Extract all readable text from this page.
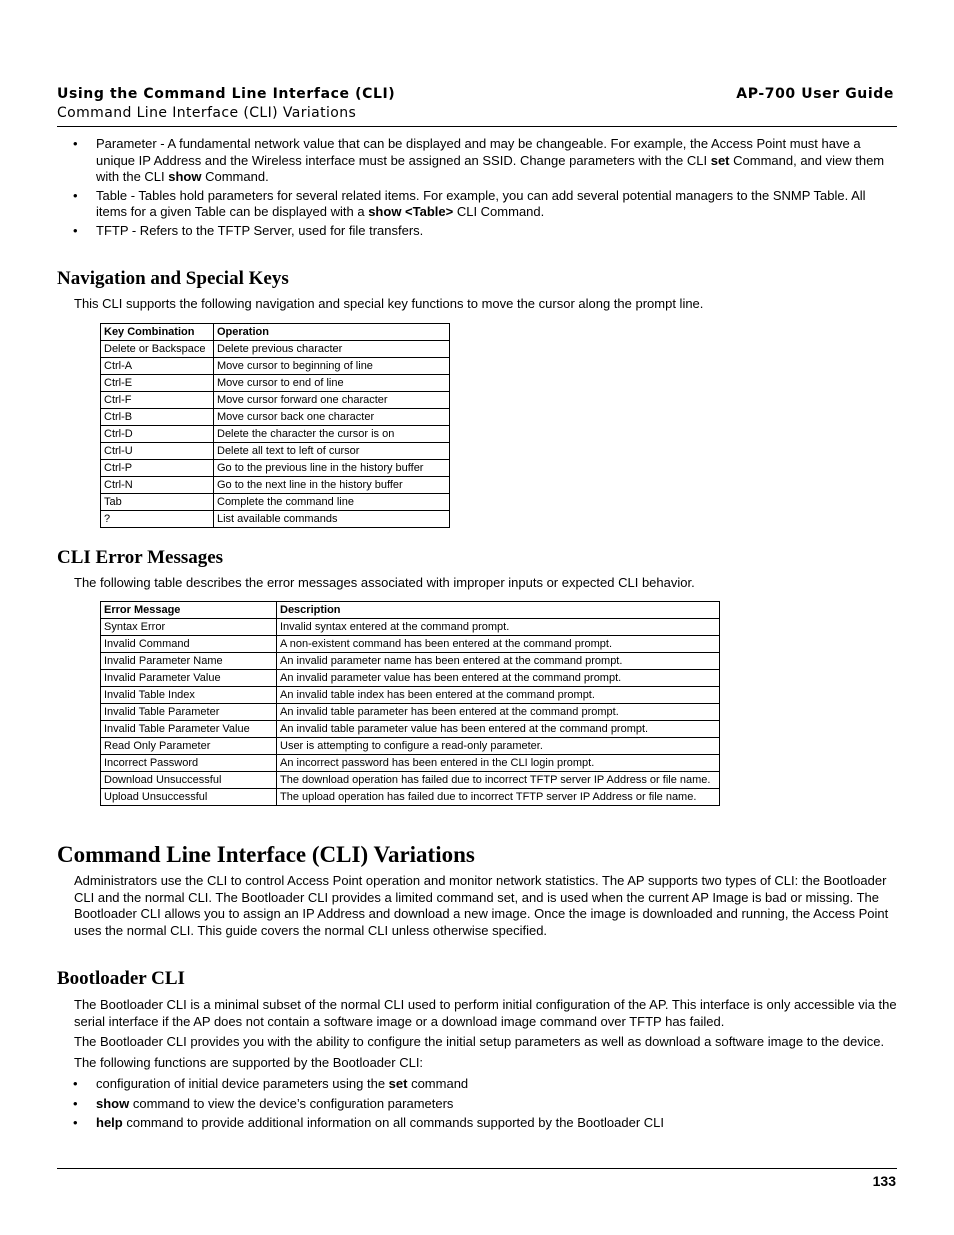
Using the Command Line Interface (CLI)
Command Line Interface (CLI) Variations
AP-700 User Guide
• Parameter - A fundamental network value that can be displayed and may be changeable. For example, the Access Point must have a unique IP Address and the Wireless interface must be assigned an SSID. Change parameters with the CLI set Command, and view them with the CLI show Command.
• Table - Tables hold parameters for several related items. For example, you can add several potential managers to the SNMP Table. All items for a given Table can be displayed with a show <Table> CLI Command.
• TFTP - Refers to the TFTP Server, used for file transfers.
Navigation and Special Keys

This CLI supports the following navigation and special key functions to move the cursor along the prompt line.

Key Combination	Operation
Delete or Backspace	Delete previous character
Ctrl-A	Move cursor to beginning of line
Ctrl-E	Move cursor to end of line
Ctrl-F	Move cursor forward one character
Ctrl-B	Move cursor back one character
Ctrl-D	Delete the character the cursor is on
Ctrl-U	Delete all text to left of cursor
Ctrl-P	Go to the previous line in the history buffer
Ctrl-N	Go to the next line in the history buffer
Tab	Complete the command line
?	List available commands
CLI Error Messages

The following table describes the error messages associated with improper inputs or expected CLI behavior.

Error Message	Description
Syntax Error	Invalid syntax entered at the command prompt.
Invalid Command	A non-existent command has been entered at the command prompt.
Invalid Parameter Name	An invalid parameter name has been entered at the command prompt.
Invalid Parameter Value	An invalid parameter value has been entered at the command prompt.
Invalid Table Index	An invalid table index has been entered at the command prompt.
Invalid Table Parameter	An invalid table parameter has been entered at the command prompt.
Invalid Table Parameter Value	An invalid table parameter value has been entered at the command prompt.
Read Only Parameter	User is attempting to configure a read-only parameter.
Incorrect Password	An incorrect password has been entered in the CLI login prompt.
Download Unsuccessful	The download operation has failed due to incorrect TFTP server IP Address or file name.
Upload Unsuccessful	The upload operation has failed due to incorrect TFTP server IP Address or file name.
Command Line Interface (CLI) Variations

Administrators use the CLI to control Access Point operation and monitor network statistics. The AP supports two types of CLI: the Bootloader CLI and the normal CLI. The Bootloader CLI provides a limited command set, and is used when the current AP Image is bad or missing. The Bootloader CLI allows you to assign an IP Address and download a new image. Once the image is downloaded and running, the Access Point uses the normal CLI. This guide covers the normal CLI unless otherwise specified.

Bootloader CLI

The Bootloader CLI is a minimal subset of the normal CLI used to perform initial configuration of the AP. This interface is only accessible via the serial interface if the AP does not contain a software image or a download image command over TFTP has failed.

The Bootloader CLI provides you with the ability to configure the initial setup parameters as well as download a software image to the device.

The following functions are supported by the Bootloader CLI:

• configuration of initial device parameters using the set command
• show command to view the device’s configuration parameters
• help command to provide additional information on all commands supported by the Bootloader CLI
133
